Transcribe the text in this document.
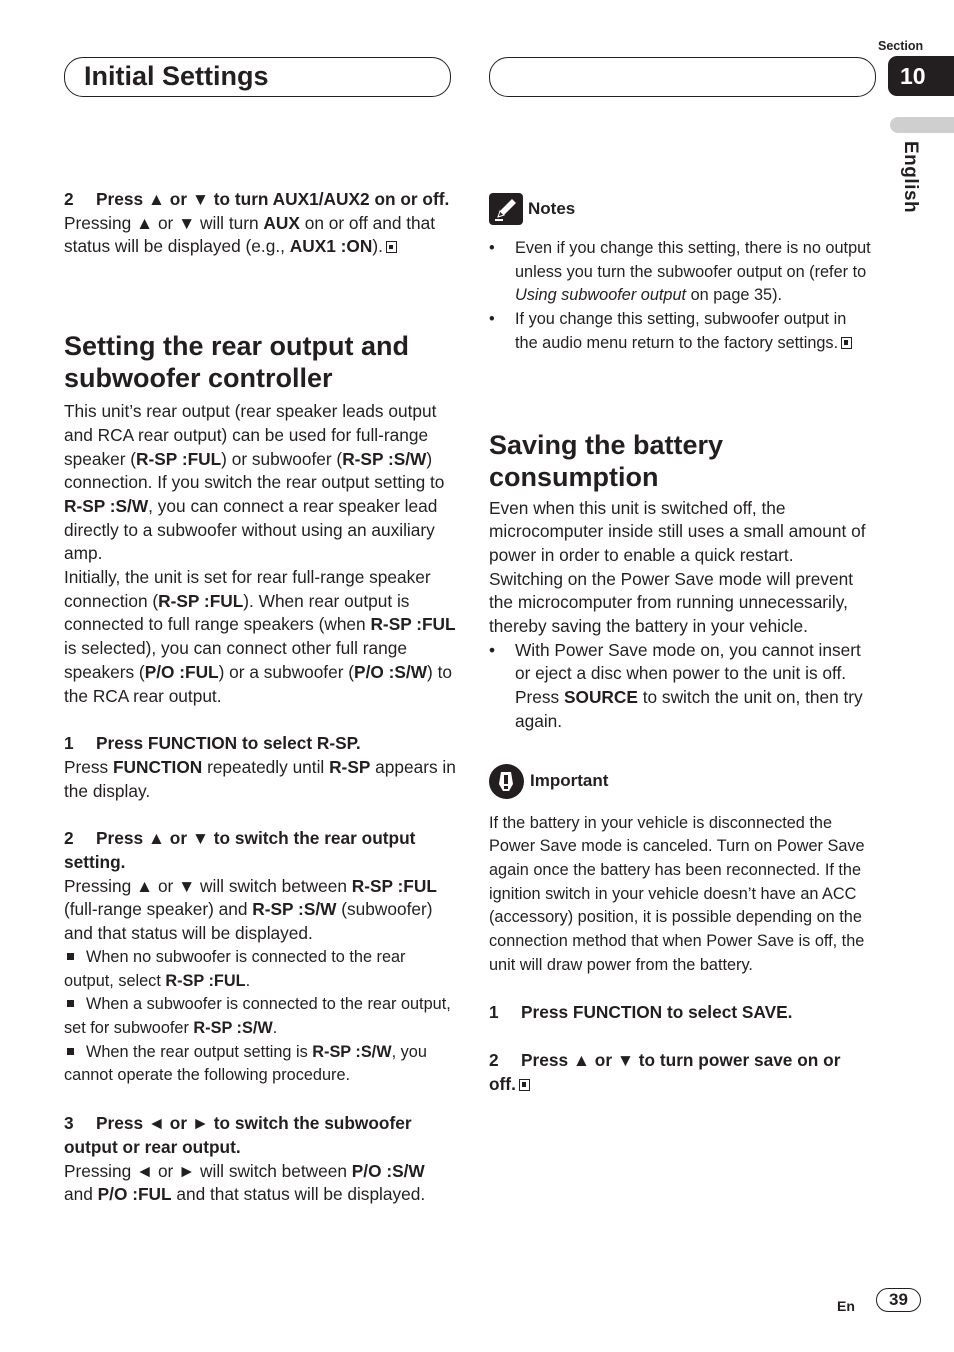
Initial Settings
Section
10
English

2 Press ▲ or ▼ to turn AUX1/AUX2 on or off.

Pressing ▲ or ▼ will turn AUX on or off and that status will be displayed (e.g., AUX1 :ON).

Setting the rear output and subwoofer controller

This unit’s rear output (rear speaker leads output and RCA rear output) can be used for full-range speaker (R-SP :FUL) or subwoofer (R-SP :S/W) connection. If you switch the rear output setting to R-SP :S/W, you can connect a rear speaker lead directly to a subwoofer without using an auxiliary amp.

Initially, the unit is set for rear full-range speaker connection (R-SP :FUL). When rear output is connected to full range speakers (when R-SP :FUL is selected), you can connect other full range speakers (P/O :FUL) or a subwoofer (P/O :S/W) to the RCA rear output.

1 Press FUNCTION to select R-SP.

Press FUNCTION repeatedly until R-SP appears in the display.

2 Press ▲ or ▼ to switch the rear output setting.

Pressing ▲ or ▼ will switch between R-SP :FUL (full-range speaker) and R-SP :S/W (subwoofer) and that status will be displayed.

When no subwoofer is connected to the rear output, select R-SP :FUL.

When a subwoofer is connected to the rear output, set for subwoofer R-SP :S/W.

When the rear output setting is R-SP :S/W, you cannot operate the following procedure.

3 Press ◄ or ► to switch the subwoofer output or rear output.

Pressing ◄ or ► will switch between P/O :S/W and P/O :FUL and that status will be displayed.

Notes

• Even if you change this setting, there is no output unless you turn the subwoofer output on (refer to Using subwoofer output on page 35).

• If you change this setting, subwoofer output in the audio menu return to the factory settings.

Saving the battery consumption

Even when this unit is switched off, the microcomputer inside still uses a small amount of power in order to enable a quick restart. Switching on the Power Save mode will prevent the microcomputer from running unnecessarily, thereby saving the battery in your vehicle.

• With Power Save mode on, you cannot insert or eject a disc when power to the unit is off. Press SOURCE to switch the unit on, then try again.

Important

If the battery in your vehicle is disconnected the Power Save mode is canceled. Turn on Power Save again once the battery has been reconnected. If the ignition switch in your vehicle doesn’t have an ACC (accessory) position, it is possible depending on the connection method that when Power Save is off, the unit will draw power from the battery.

1 Press FUNCTION to select SAVE.

2 Press ▲ or ▼ to turn power save on or off.

En	39
